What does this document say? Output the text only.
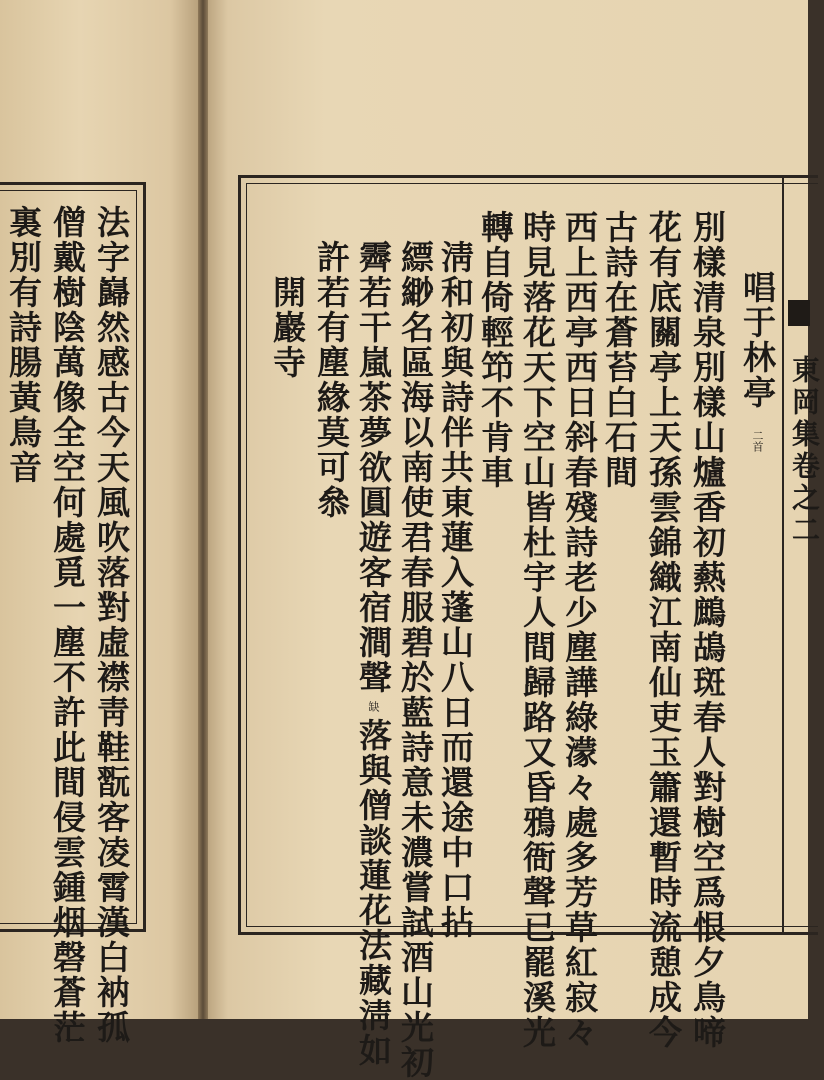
法字巋然感古今天風吹落對虛襟靑鞋翫客凌霄漢白衲孤
僧戴樹陰萬像全空何處覓一塵不許此間侵雲鍾烟磬蒼茫
裏別有詩腸黃鳥音	東岡集卷之二
唱于林亭二首
別樣清泉別樣山爐香初爇鷓鴣斑春人對樹空爲恨夕鳥啼
花有底關亭上天孫雲錦織江南仙吏玉簫還暫時流憩成今
古詩在蒼苔白石間
西上西亭西日斜春殘詩老少塵譁綠濛々處多芳草紅寂々
時見落花天下空山皆杜宇人間歸路又昏鴉衙聲已罷溪光
轉自倚輕笻不肯車
淸和初與詩伴共東蓮入蓬山八日而還途中口拈
縹緲名區海以南使君春服碧於藍詩意未濃嘗試酒山光初
霽若干嵐茶夢欲圓遊客宿澗聲缺落與僧談蓮花法藏淸如
許若有塵緣莫可叅
開巖寺
